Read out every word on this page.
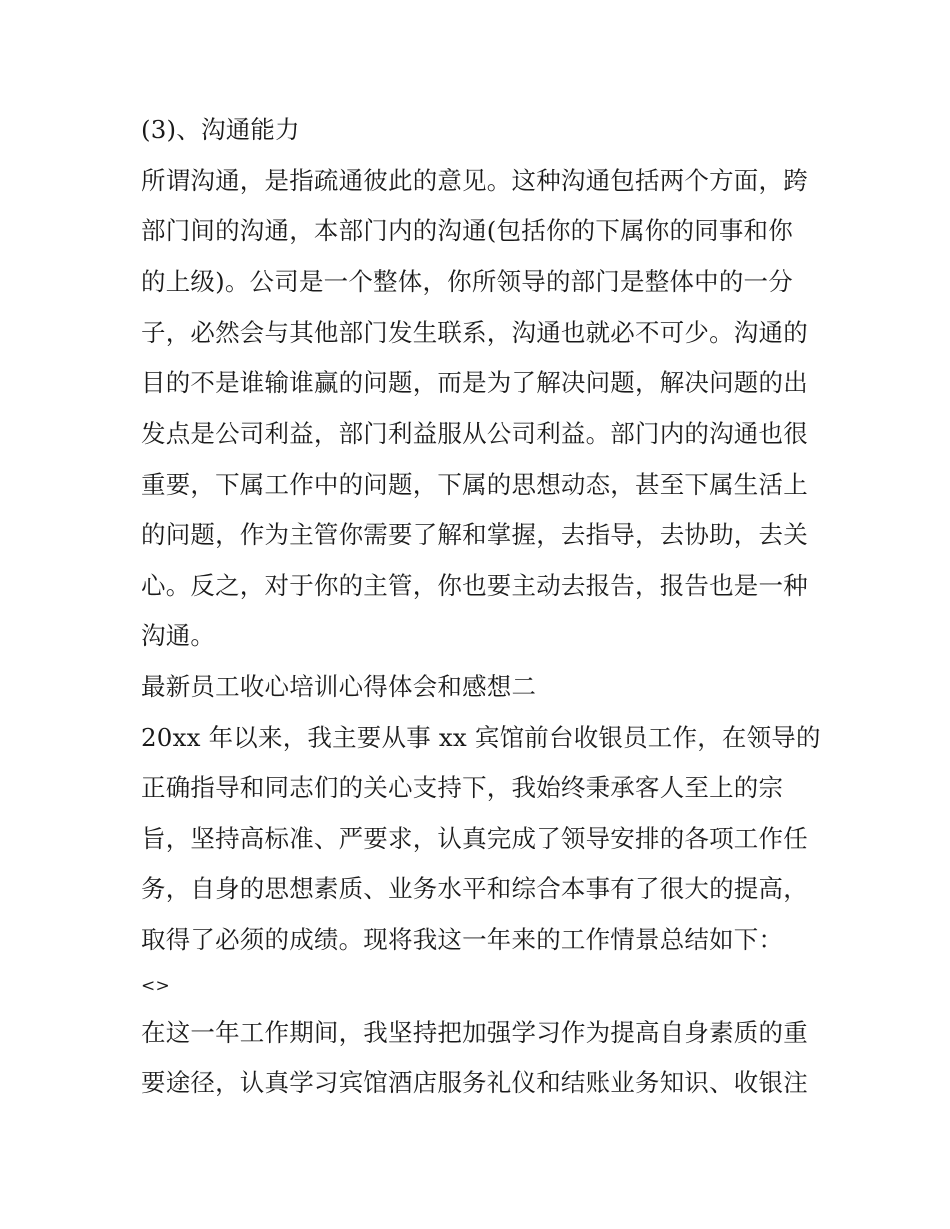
(3)、沟通能力
所谓沟通，是指疏通彼此的意见。这种沟通包括两个方面，跨
部门间的沟通，本部门内的沟通(包括你的下属你的同事和你
的上级)。公司是一个整体，你所领导的部门是整体中的一分
子，必然会与其他部门发生联系，沟通也就必不可少。沟通的
目的不是谁输谁赢的问题，而是为了解决问题，解决问题的出
发点是公司利益，部门利益服从公司利益。部门内的沟通也很
重要，下属工作中的问题，下属的思想动态，甚至下属生活上
的问题，作为主管你需要了解和掌握，去指导，去协助，去关
心。反之，对于你的主管，你也要主动去报告，报告也是一种
沟通。
最新员工收心培训心得体会和感想二
20xx 年以来，我主要从事 xx 宾馆前台收银员工作，在领导的
正确指导和同志们的关心支持下，我始终秉承客人至上的宗
旨，坚持高标准、严要求，认真完成了领导安排的各项工作任
务，自身的思想素质、业务水平和综合本事有了很大的提高，
取得了必须的成绩。现将我这一年来的工作情景总结如下：
<>
在这一年工作期间，我坚持把加强学习作为提高自身素质的重
要途径，认真学习宾馆酒店服务礼仪和结账业务知识、收银注
